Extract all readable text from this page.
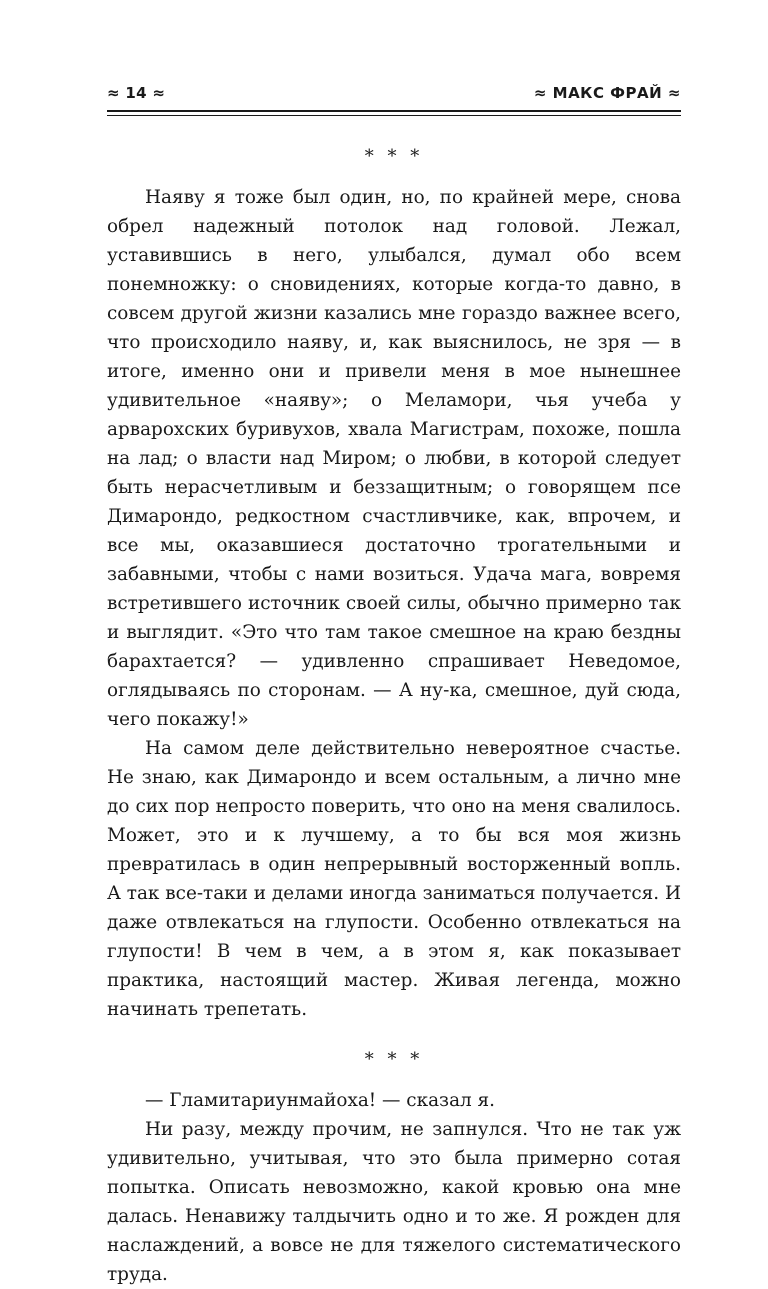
≈ 14 ≈	≈ МАКС ФРАЙ ≈
* * *

Наяву я тоже был один, но, по крайней мере, снова обрел надежный потолок над головой. Лежал, уставившись в него, улыбался, думал обо всем понемножку: о сновидениях, которые когда-то давно, в совсем другой жизни казались мне гораздо важнее всего, что происходило наяву, и, как выяснилось, не зря — в итоге, именно они и привели меня в мое нынешнее удивительное «наяву»; о Меламори, чья учеба у арварохских буривухов, хвала Магистрам, похоже, пошла на лад; о власти над Миром; о любви, в которой следует быть нерасчетливым и беззащитным; о говорящем псе Димарондо, редкостном счастливчике, как, впрочем, и все мы, оказавшиеся достаточно трогательными и забавными, чтобы с нами возиться. Удача мага, вовремя встретившего источник своей силы, обычно примерно так и выглядит. «Это что там такое смешное на краю бездны барахтается? — удивленно спрашивает Неведомое, оглядываясь по сторонам. — А ну-ка, смешное, дуй сюда, чего покажу!»

На самом деле действительно невероятное счастье. Не знаю, как Димарондо и всем остальным, а лично мне до сих пор непросто поверить, что оно на меня свалилось. Может, это и к лучшему, а то бы вся моя жизнь превратилась в один непрерывный восторженный вопль. А так все-таки и делами иногда заниматься получается. И даже отвлекаться на глупости. Особенно отвлекаться на глупости! В чем в чем, а в этом я, как показывает практика, настоящий мастер. Живая легенда, можно начинать трепетать.

* * *

— Гламитариунмайоха! — сказал я.

Ни разу, между прочим, не запнулся. Что не так уж удивительно, учитывая, что это была примерно сотая попытка. Описать невозможно, какой кровью она мне далась. Ненавижу талдычить одно и то же. Я рожден для наслаждений, а вовсе не для тяжелого систематического труда.
